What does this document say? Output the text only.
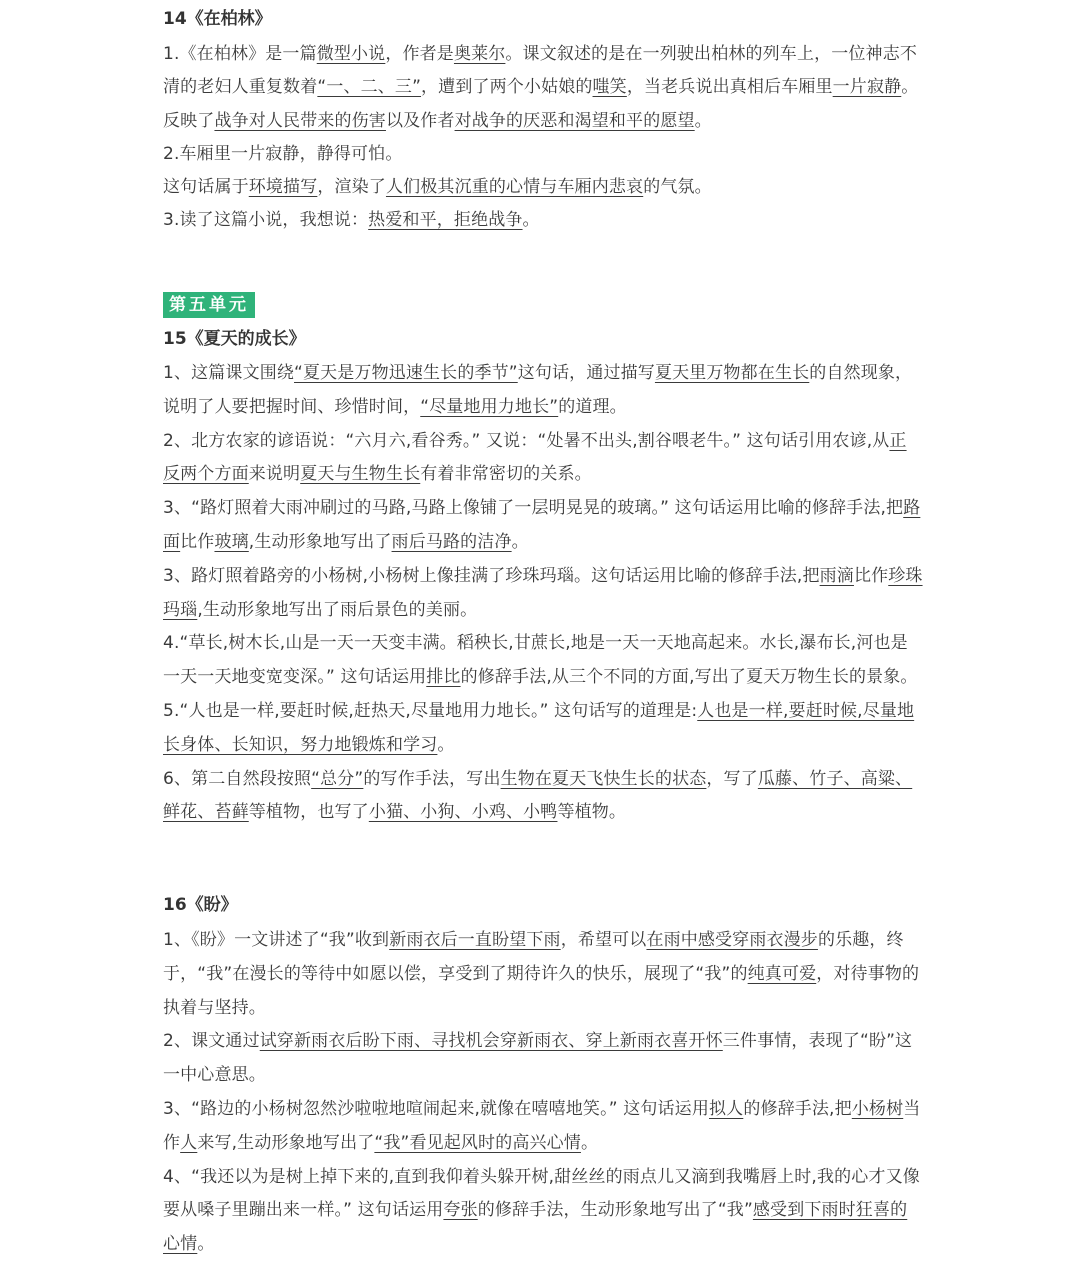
14《在柏林》
1.《在柏林》是一篇微型小说，作者是奥莱尔。课文叙述的是在一列驶出柏林的列车上，一位神志不清的老妇人重复数着“一、二、三”，遭到了两个小姑娘的嗤笑，当老兵说出真相后车厢里一片寂静。反映了战争对人民带来的伤害以及作者对战争的厌恶和渴望和平的愿望。
2.车厢里一片寂静，静得可怕。
这句话属于环境描写，渲染了人们极其沉重的心情与车厢内悲哀的气氛。
3.读了这篇小说，我想说：热爱和平，拒绝战争。
第五单元
15《夏天的成长》
1、这篇课文围绕“夏天是万物迅速生长的季节”这句话，通过描写夏天里万物都在生长的自然现象，说明了人要把握时间、珍惜时间，“尽量地用力地长”的道理。
2、北方农家的谚语说：“六月六,看谷秀。” 又说：“处暑不出头,割谷喂老牛。” 这句话引用农谚,从正反两个方面来说明夏天与生物生长有着非常密切的关系。
3、“路灯照着大雨冲刷过的马路,马路上像铺了一层明晃晃的玻璃。” 这句话运用比喻的修辞手法,把路面比作玻璃,生动形象地写出了雨后马路的洁净。
3、路灯照着路旁的小杨树,小杨树上像挂满了珍珠玛瑙。这句话运用比喻的修辞手法,把雨滴比作珍珠玛瑙,生动形象地写出了雨后景色的美丽。
4.“草长,树木长,山是一天一天变丰满。稻秧长,甘蔗长,地是一天一天地高起来。水长,瀑布长,河也是一天一天地变宽变深。” 这句话运用排比的修辞手法,从三个不同的方面,写出了夏天万物生长的景象。
5.“人也是一样,要赶时候,赶热天,尽量地用力地长。” 这句话写的道理是:人也是一样,要赶时候,尽量地长身体、长知识，努力地锻炼和学习。
6、第二自然段按照“总分”的写作手法，写出生物在夏天飞快生长的状态，写了瓜藤、竹子、高粱、鲜花、苔藓等植物，也写了小猫、小狗、小鸡、小鸭等植物。
16《盼》
1、《盼》一文讲述了“我”收到新雨衣后一直盼望下雨，希望可以在雨中感受穿雨衣漫步的乐趣，终于，“我”在漫长的等待中如愿以偿，享受到了期待许久的快乐，展现了“我”的纯真可爱，对待事物的执着与坚持。
2、课文通过试穿新雨衣后盼下雨、寻找机会穿新雨衣、穿上新雨衣喜开怀三件事情，表现了“盼”这一中心意思。
3、“路边的小杨树忽然沙啦啦地喧闹起来,就像在嘻嘻地笑。” 这句话运用拟人的修辞手法,把小杨树当作人来写,生动形象地写出了“我”看见起风时的高兴心情。
4、“我还以为是树上掉下来的,直到我仰着头躲开树,甜丝丝的雨点儿又滴到我嘴唇上时,我的心才又像要从嗓子里蹦出来一样。” 这句话运用夸张的修辞手法，生动形象地写出了“我”感受到下雨时狂喜的心情。
